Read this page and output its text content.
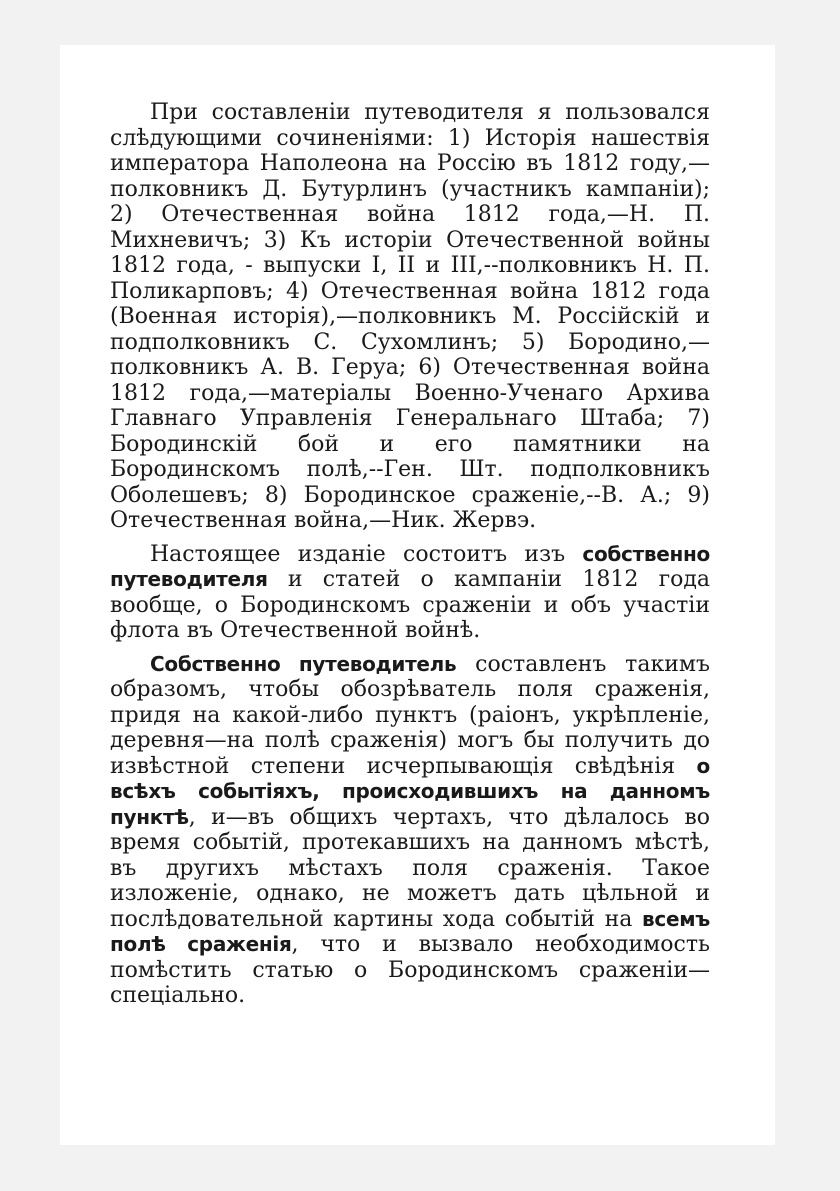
При составленiи путеводителя я пользовался слѣдующими сочиненiями: 1) Исторiя нашествiя императора Наполеона на Россiю въ 1812 году,— полковникъ Д. Бутурлинъ (участникъ кампанiи); 2) Отечественная война 1812 года,—Н. П. Михневичъ; 3) Къ исторiи Отечественной войны 1812 года, - выпуски I, II и III,--полковникъ Н. П. Поликарповъ; 4) Отечественная война 1812 года (Военная исторiя),—полковникъ М. Россiйскiй и подполковникъ С. Сухомлинъ; 5) Бородино,—полковникъ А. В. Геруа; 6) Отечественная война 1812 года,—матерiалы Военно-Ученаго Архива Главнаго Управленiя Генеральнаго Штаба; 7) Бородинскiй бой и его памятники на Бородинскомъ полѣ,--Ген. Шт. подполковникъ Оболешевъ; 8) Бородинское сраженiе,--В. А.; 9) Отечественная война,—Ник. Жервэ.

Настоящее изданiе состоитъ изъ собственно путеводителя и статей о кампанiи 1812 года вообще, о Бородинскомъ сраженiи и объ участiи флота въ Отечественной войнѣ.

Собственно путеводитель составленъ такимъ образомъ, чтобы обозрѣватель поля сраженiя, придя на какой-либо пунктъ (раiонъ, укрѣпленiе, деревня—на полѣ сраженiя) могъ бы получить до извѣстной степени исчерпывающiя свѣдѣнiя о всѣхъ событiяхъ, происходившихъ на данномъ пунктѣ, и—въ общихъ чертахъ, что дѣлалось во время событiй, протекавшихъ на данномъ мѣстѣ, въ другихъ мѣстахъ поля сраженiя. Такое изложенiе, однако, не можетъ дать цѣльной и послѣдовательной картины хода событiй на всемъ полѣ сраженiя, что и вызвало необходимость помѣстить статью о Бородинскомъ сраженiи—спецiально.
